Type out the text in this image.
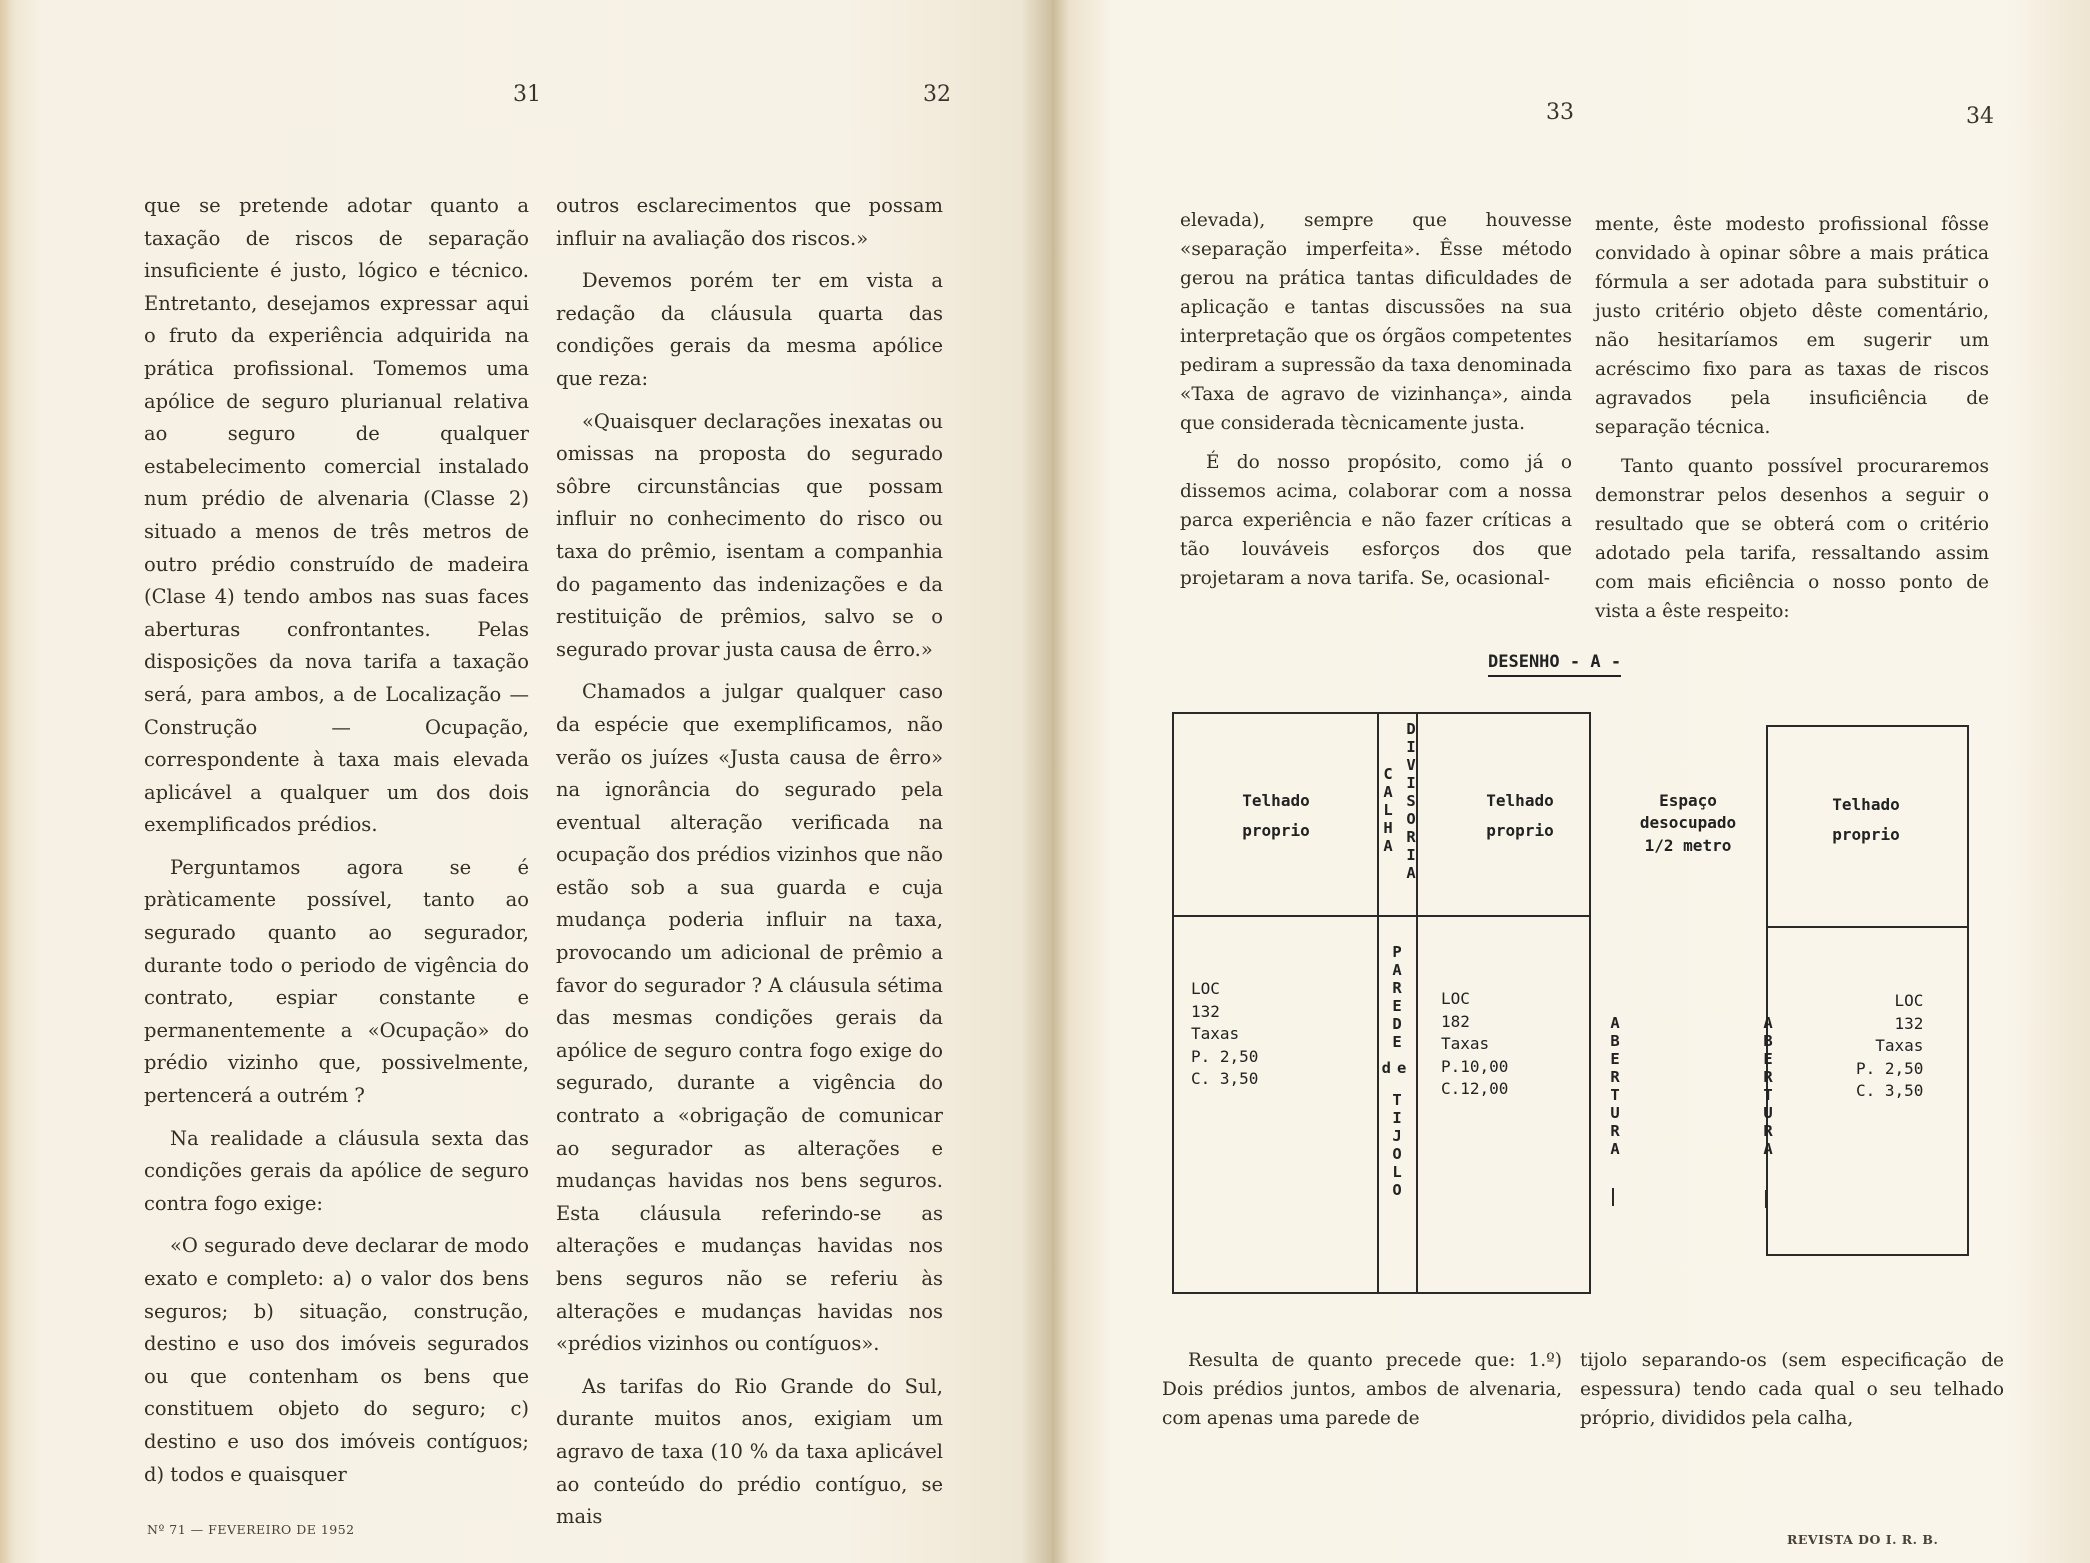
31	32

que se pretende adotar quanto a taxação de riscos de separação insuficiente é justo, lógico e técnico. Entretanto, desejamos expressar aqui o fruto da experiência adquirida na prática profissional. Tomemos uma apólice de seguro plurianual relativa ao seguro de qualquer estabelecimento comercial instalado num prédio de alvenaria (Classe 2) situado a menos de três metros de outro prédio construído de madeira (Clase 4) tendo ambos nas suas faces aberturas confrontantes. Pelas disposições da nova tarifa a taxação será, para ambos, a de Localização — Construção — Ocupação, correspondente à taxa mais elevada aplicável a qualquer um dos dois exemplificados prédios.

Perguntamos agora se é pràticamente possível, tanto ao segurado quanto ao segurador, durante todo o periodo de vigência do contrato, espiar constante e permanentemente a «Ocupação» do prédio vizinho que, possivelmente, pertencerá a outrém ?

Na realidade a cláusula sexta das condições gerais da apólice de seguro contra fogo exige:

«O segurado deve declarar de modo exato e completo: a) o valor dos bens seguros; b) situação, construção, destino e uso dos imóveis segurados ou que contenham os bens que constituem objeto do seguro; c) destino e uso dos imóveis contíguos; d) todos e quaisquer

outros esclarecimentos que possam influir na avaliação dos riscos.»

Devemos porém ter em vista a redação da cláusula quarta das condições gerais da mesma apólice que reza:

«Quaisquer declarações inexatas ou omissas na proposta do segurado sôbre circunstâncias que possam influir no conhecimento do risco ou taxa do prêmio, isentam a companhia do pagamento das indenizações e da restituição de prêmios, salvo se o segurado provar justa causa de êrro.»

Chamados a julgar qualquer caso da espécie que exemplificamos, não verão os juízes «Justa causa de êrro» na ignorância do segurado pela eventual alteração verificada na ocupação dos prédios vizinhos que não estão sob a sua guarda e cuja mudança poderia influir na taxa, provocando um adicional de prêmio a favor do segurador ? A cláusula sétima das mesmas condições gerais da apólice de seguro contra fogo exige do segurado, durante a vigência do contrato a «obrigação de comunicar ao segurador as alterações e mudanças havidas nos bens seguros. Esta cláusula referindo-se as alterações e mudanças havidas nos bens seguros não se referiu às alterações e mudanças havidas nos «prédios vizinhos ou contíguos».

As tarifas do Rio Grande do Sul, durante muitos anos, exigiam um agravo de taxa (10 % da taxa aplicável ao conteúdo do prédio contíguo, se mais

Nº 71 — FEVEREIRO DE 1952
33	34

elevada), sempre que houvesse «separação imperfeita». Êsse método gerou na prática tantas dificuldades de aplicação e tantas discussões na sua interpretação que os órgãos competentes pediram a supressão da taxa denominada «Taxa de agravo de vizinhança», ainda que considerada tècnicamente justa.

É do nosso propósito, como já o dissemos acima, colaborar com a nossa parca experiência e não fazer críticas a tão louváveis esforços dos que projetaram a nova tarifa. Se, ocasional-

mente, êste modesto profissional fôsse convidado à opinar sôbre a mais prática fórmula a ser adotada para substituir o justo critério objeto dêste comentário, não hesitaríamos em sugerir um acréscimo fixo para as taxas de riscos agravados pela insuficiência de separação técnica.

Tanto quanto possível procuraremos demonstrar pelos desenhos a seguir o resultado que se obterá com o critério adotado pela tarifa, ressaltando assim com mais eficiência o nosso ponto de vista a êste respeito:

Resulta de quanto precede que: 1.º) Dois prédios juntos, ambos de alvenaria, com apenas uma parede de
tijolo separando-os (sem especificação de espessura) tendo cada qual o seu telhado próprio, divididos pela calha,
REVISTA DO I. R. B.
DESENHO - A -
Telhado
proprio
Telhado
proprio
Telhado
proprio
CALHA DIVISORIA	Espaço
desocupado
1/2 metro
PAREDE
de
TIJOLO	ABERTURA	ABERTURA
LOC
132
Taxas
P. 2,50
C. 3,50
LOC
182
Taxas
P.10,00
C.12,00
LOC
132
Taxas
P. 2,50
C. 3,50
